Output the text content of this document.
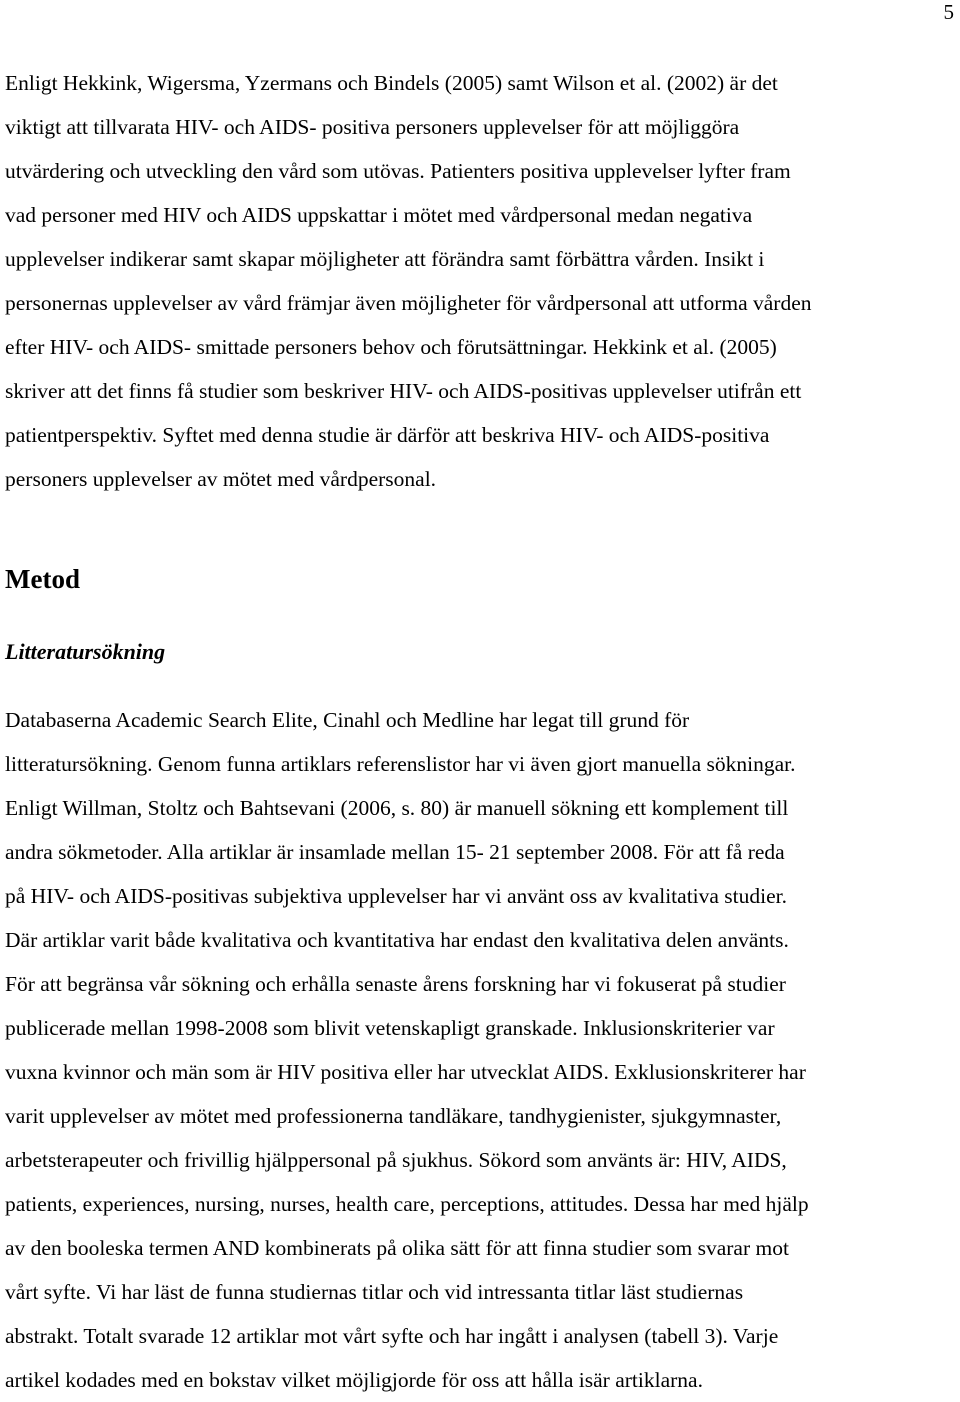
5
Enligt Hekkink, Wigersma, Yzermans och Bindels (2005) samt Wilson et al. (2002) är det
viktigt att tillvarata HIV- och AIDS- positiva personers upplevelser för att möjliggöra
utvärdering och utveckling den vård som utövas. Patienters positiva upplevelser lyfter fram
vad personer med HIV och AIDS uppskattar i mötet med vårdpersonal medan negativa
upplevelser indikerar samt skapar möjligheter att förändra samt förbättra vården. Insikt i
personernas upplevelser av vård främjar även möjligheter för vårdpersonal att utforma vården
efter HIV- och AIDS- smittade personers behov och förutsättningar. Hekkink et al. (2005)
skriver att det finns få studier som beskriver HIV- och AIDS-positivas upplevelser utifrån ett
patientperspektiv. Syftet med denna studie är därför att beskriva HIV- och AIDS-positiva
personers upplevelser av mötet med vårdpersonal.
Metod
Litteratursökning
Databaserna Academic Search Elite, Cinahl och Medline har legat till grund för
litteratursökning. Genom funna artiklars referenslistor har vi även gjort manuella sökningar.
Enligt Willman, Stoltz och Bahtsevani (2006, s. 80) är manuell sökning ett komplement till
andra sökmetoder. Alla artiklar är insamlade mellan 15- 21 september 2008. För att få reda
på HIV- och AIDS-positivas subjektiva upplevelser har vi använt oss av kvalitativa studier.
Där artiklar varit både kvalitativa och kvantitativa har endast den kvalitativa delen använts.
För att begränsa vår sökning och erhålla senaste årens forskning har vi fokuserat på studier
publicerade mellan 1998-2008 som blivit vetenskapligt granskade. Inklusionskriterier var
vuxna kvinnor och män som är HIV positiva eller har utvecklat AIDS. Exklusionskriterer har
varit upplevelser av mötet med professionerna tandläkare, tandhygienister, sjukgymnaster,
arbetsterapeuter och frivillig hjälppersonal på sjukhus. Sökord som använts är: HIV, AIDS,
patients, experiences, nursing, nurses, health care, perceptions, attitudes. Dessa har med hjälp
av den booleska termen AND kombinerats på olika sätt för att finna studier som svarar mot
vårt syfte. Vi har läst de funna studiernas titlar och vid intressanta titlar läst studiernas
abstrakt. Totalt svarade 12 artiklar mot vårt syfte och har ingått i analysen (tabell 3). Varje
artikel kodades med en bokstav vilket möjligjorde för oss att hålla isär artiklarna.
